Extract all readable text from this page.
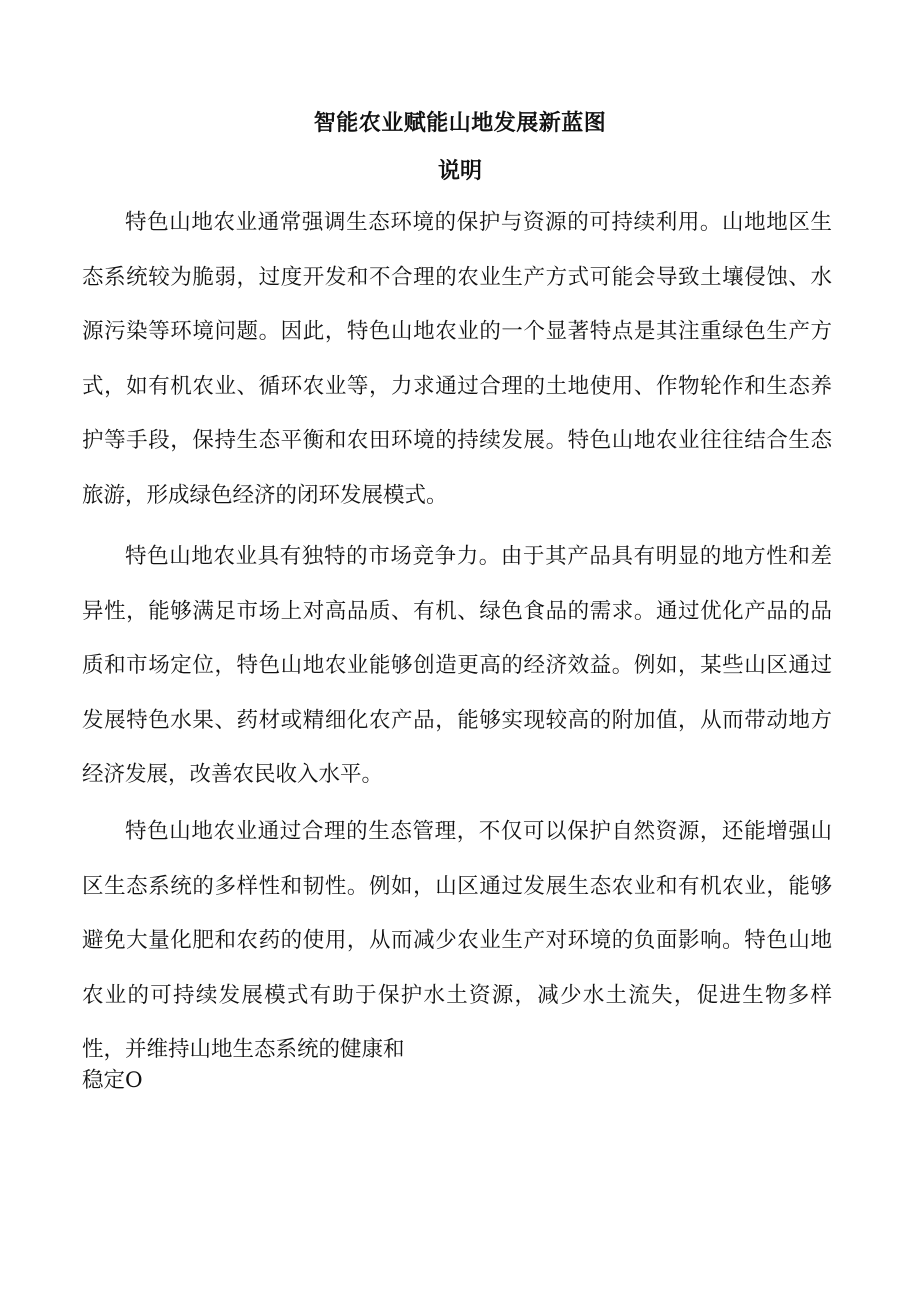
智能农业赋能山地发展新蓝图
说明

特色山地农业通常强调生态环境的保护与资源的可持续利用。山地地区生态系统较为脆弱，过度开发和不合理的农业生产方式可能会导致土壤侵蚀、水源污染等环境问题。因此，特色山地农业的一个显著特点是其注重绿色生产方式，如有机农业、循环农业等，力求通过合理的土地使用、作物轮作和生态养护等手段，保持生态平衡和农田环境的持续发展。特色山地农业往往结合生态旅游，形成绿色经济的闭环发展模式。

特色山地农业具有独特的市场竞争力。由于其产品具有明显的地方性和差异性，能够满足市场上对高品质、有机、绿色食品的需求。通过优化产品的品质和市场定位，特色山地农业能够创造更高的经济效益。例如，某些山区通过发展特色水果、药材或精细化农产品，能够实现较高的附加值，从而带动地方经济发展，改善农民收入水平。

特色山地农业通过合理的生态管理，不仅可以保护自然资源，还能增强山区生态系统的多样性和韧性。例如，山区通过发展生态农业和有机农业，能够避免大量化肥和农药的使用，从而减少农业生产对环境的负面影响。特色山地农业的可持续发展模式有助于保护水土资源，减少水土流失，促进生物多样性，并维持山地生态系统的健康和

稳定O
